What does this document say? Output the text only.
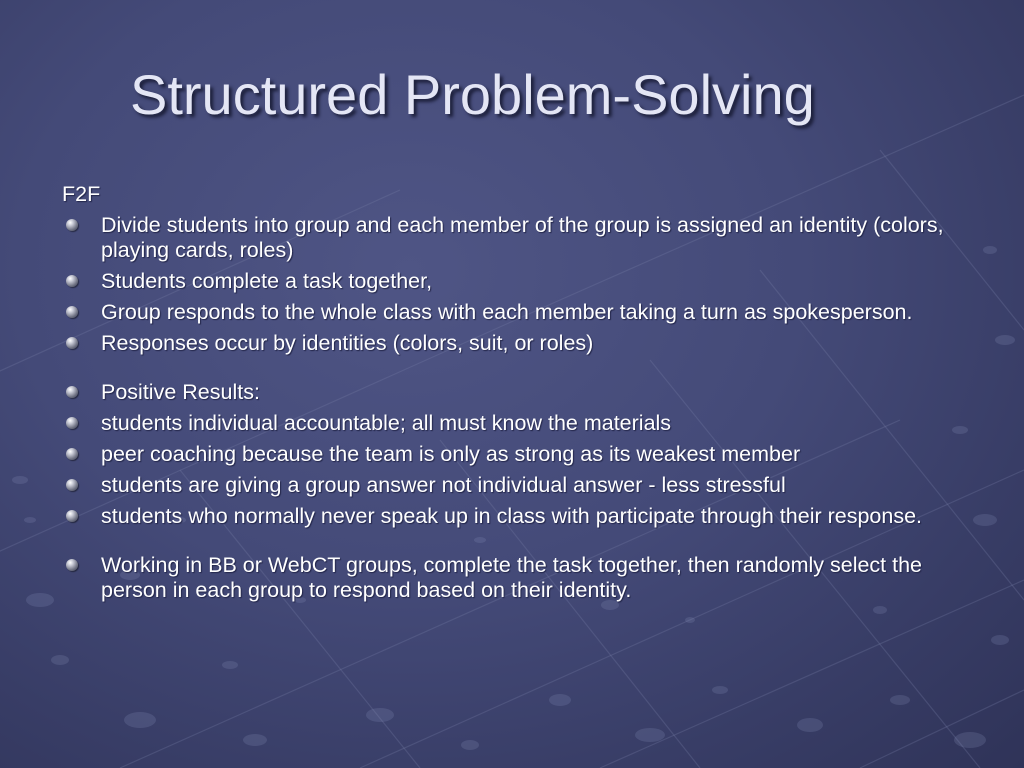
Structured Problem-Solving

F2F

Divide students into group and each member of the group is assigned an identity (colors, playing cards, roles)
Students complete a task together,
Group responds to the whole class with each member taking a turn as spokesperson.
Responses occur by identities (colors, suit, or roles)
Positive Results:
students individual accountable; all must know the materials
peer coaching because the team is only as strong as its weakest member
students are giving a group answer not individual answer - less stressful
students who normally never speak up in class with participate through their response.
Working in BB or WebCT groups, complete the task together, then randomly select the person in each group to respond based on their identity.
